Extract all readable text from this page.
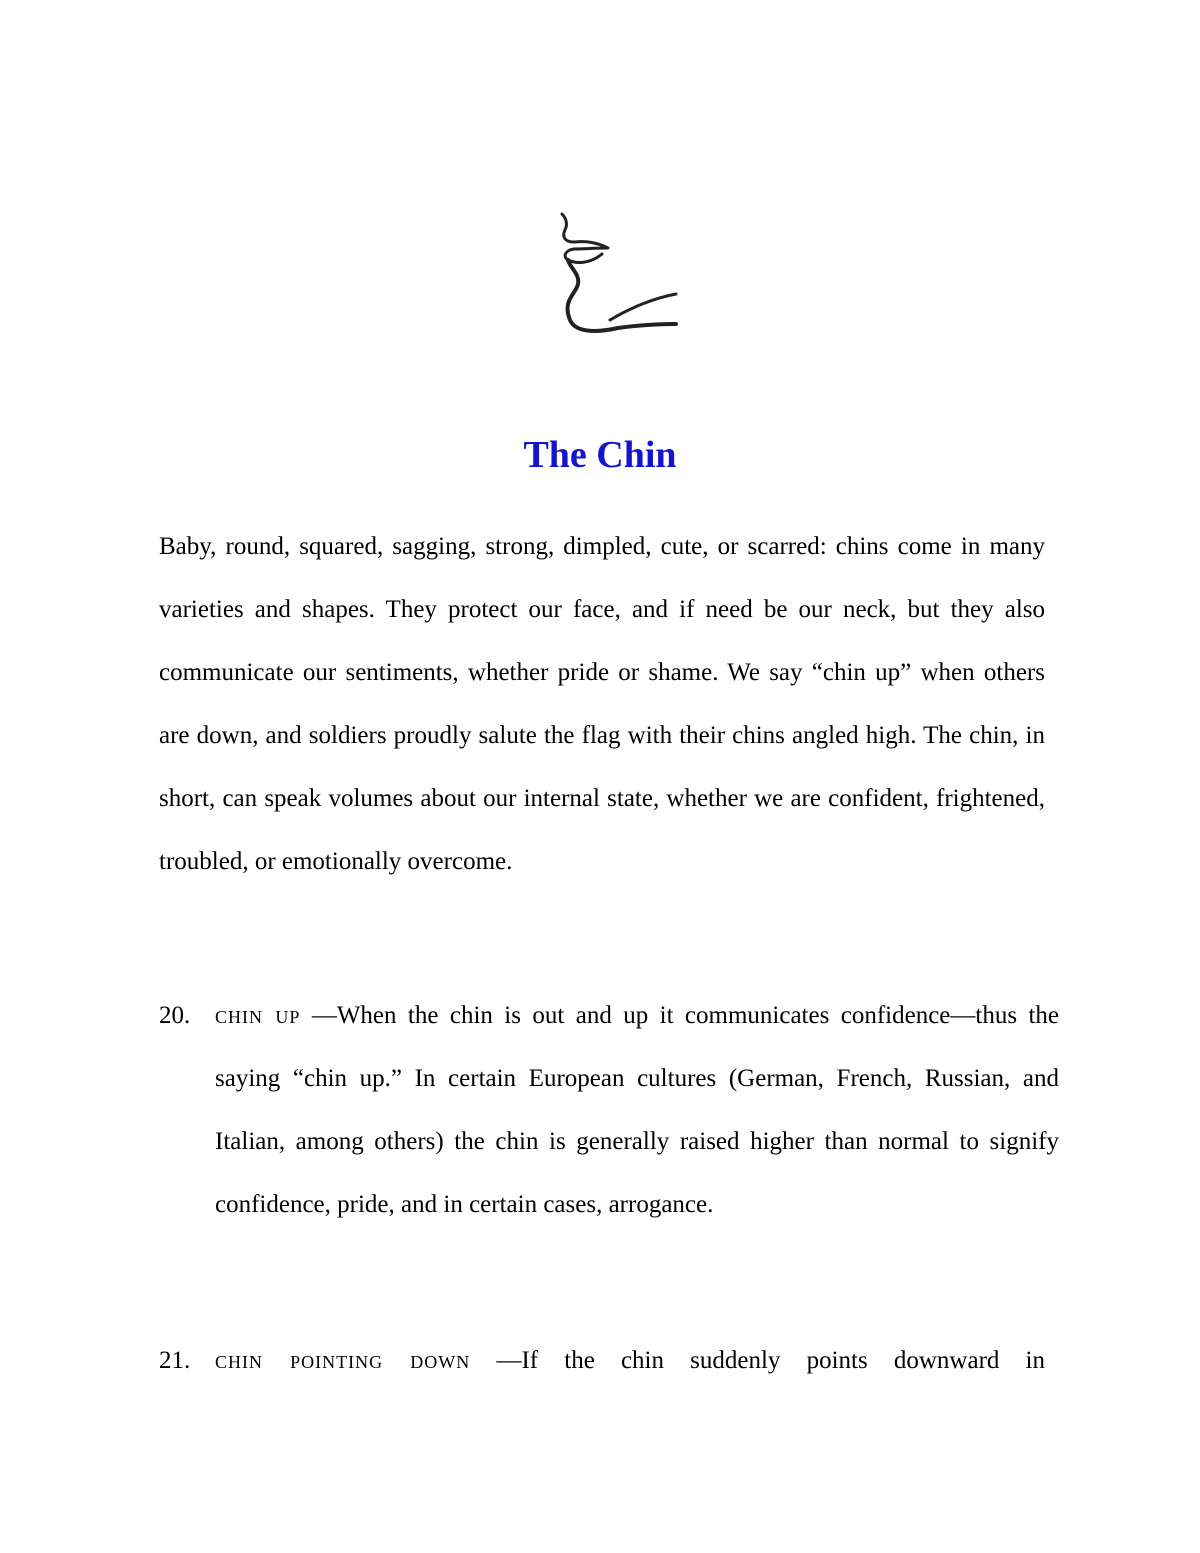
The Chin

Baby, round, squared, sagging, strong, dimpled, cute, or scarred: chins come in many varieties and shapes. They protect our face, and if need be our neck, but they also communicate our sentiments, whether pride or shame. We say “chin up” when others are down, and soldiers proudly salute the flag with their chins angled high. The chin, in short, can speak volumes about our internal state, whether we are confident, frightened, troubled, or emotionally overcome.

20. chin up —When the chin is out and up it communicates confidence—thus the saying “chin up.” In certain European cultures (German, French, Russian, and Italian, among others) the chin is generally raised higher than normal to signify confidence, pride, and in certain cases, arrogance.

21. chin pointing down —If the chin suddenly points downward in
